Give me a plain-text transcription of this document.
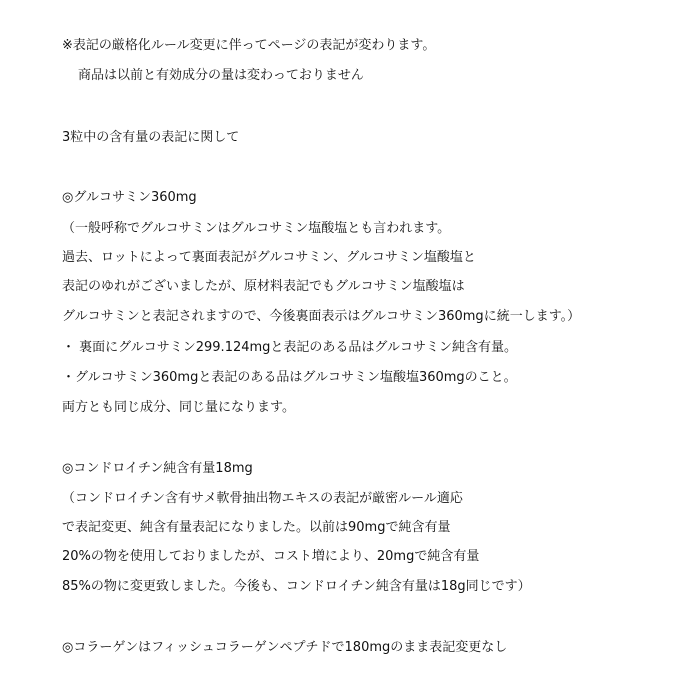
※表記の厳格化ルール変更に伴ってページの表記が変わります。
商品は以前と有効成分の量は変わっておりません
3粒中の含有量の表記に関して
◎グルコサミン360mg
（一般呼称でグルコサミンはグルコサミン塩酸塩とも言われます。
過去、ロットによって裏面表記がグルコサミン、グルコサミン塩酸塩と
表記のゆれがございましたが、原材料表記でもグルコサミン塩酸塩は
グルコサミンと表記されますので、今後裏面表示はグルコサミン360mgに統一します。）
・ 裏面にグルコサミン299.124mgと表記のある品はグルコサミン純含有量。
・グルコサミン360mgと表記のある品はグルコサミン塩酸塩360mgのこと。
両方とも同じ成分、同じ量になります。
◎コンドロイチン純含有量18mg
（コンドロイチン含有サメ軟骨抽出物エキスの表記が厳密ルール適応
で表記変更、純含有量表記になりました。以前は90mgで純含有量
20%の物を使用しておりましたが、コスト増により、20mgで純含有量
85%の物に変更致しました。今後も、コンドロイチン純含有量は18g同じです）
◎コラーゲンはフィッシュコラーゲンペプチドで180mgのまま表記変更なし
